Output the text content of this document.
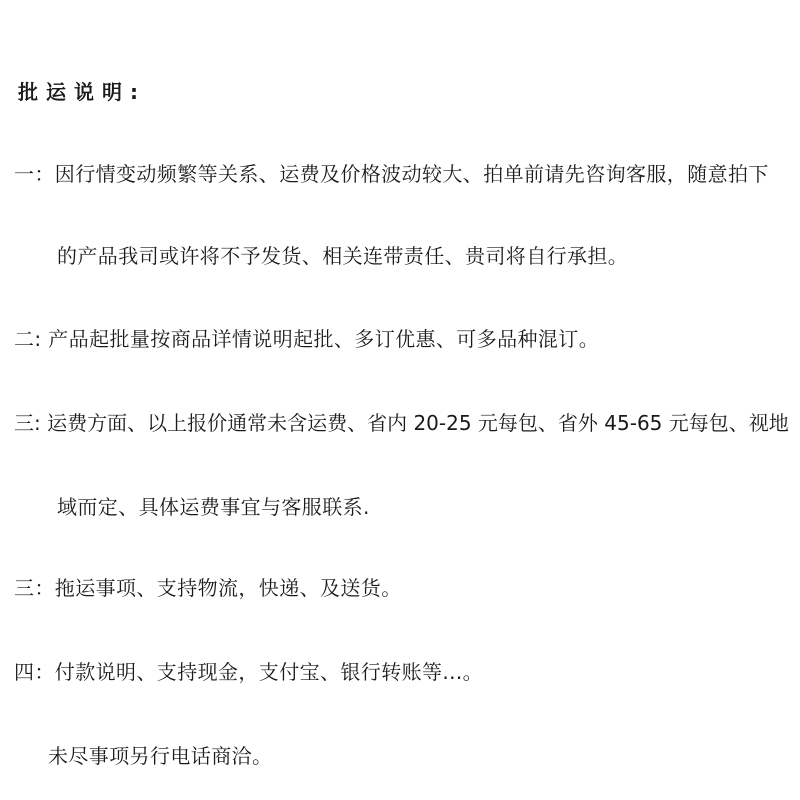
批运说明:
一：因行情变动频繁等关系、运费及价格波动较大、拍单前请先咨询客服，随意拍下
的产品我司或许将不予发货、相关连带责任、贵司将自行承担。
二: 产品起批量按商品详情说明起批、多订优惠、可多品种混订。
三: 运费方面、以上报价通常未含运费、省内 20-25 元每包、省外 45-65 元每包、视地
域而定、具体运费事宜与客服联系.
三：拖运事项、支持物流，快递、及送货。
四：付款说明、支持现金，支付宝、银行转账等...。
未尽事项另行电话商洽。
